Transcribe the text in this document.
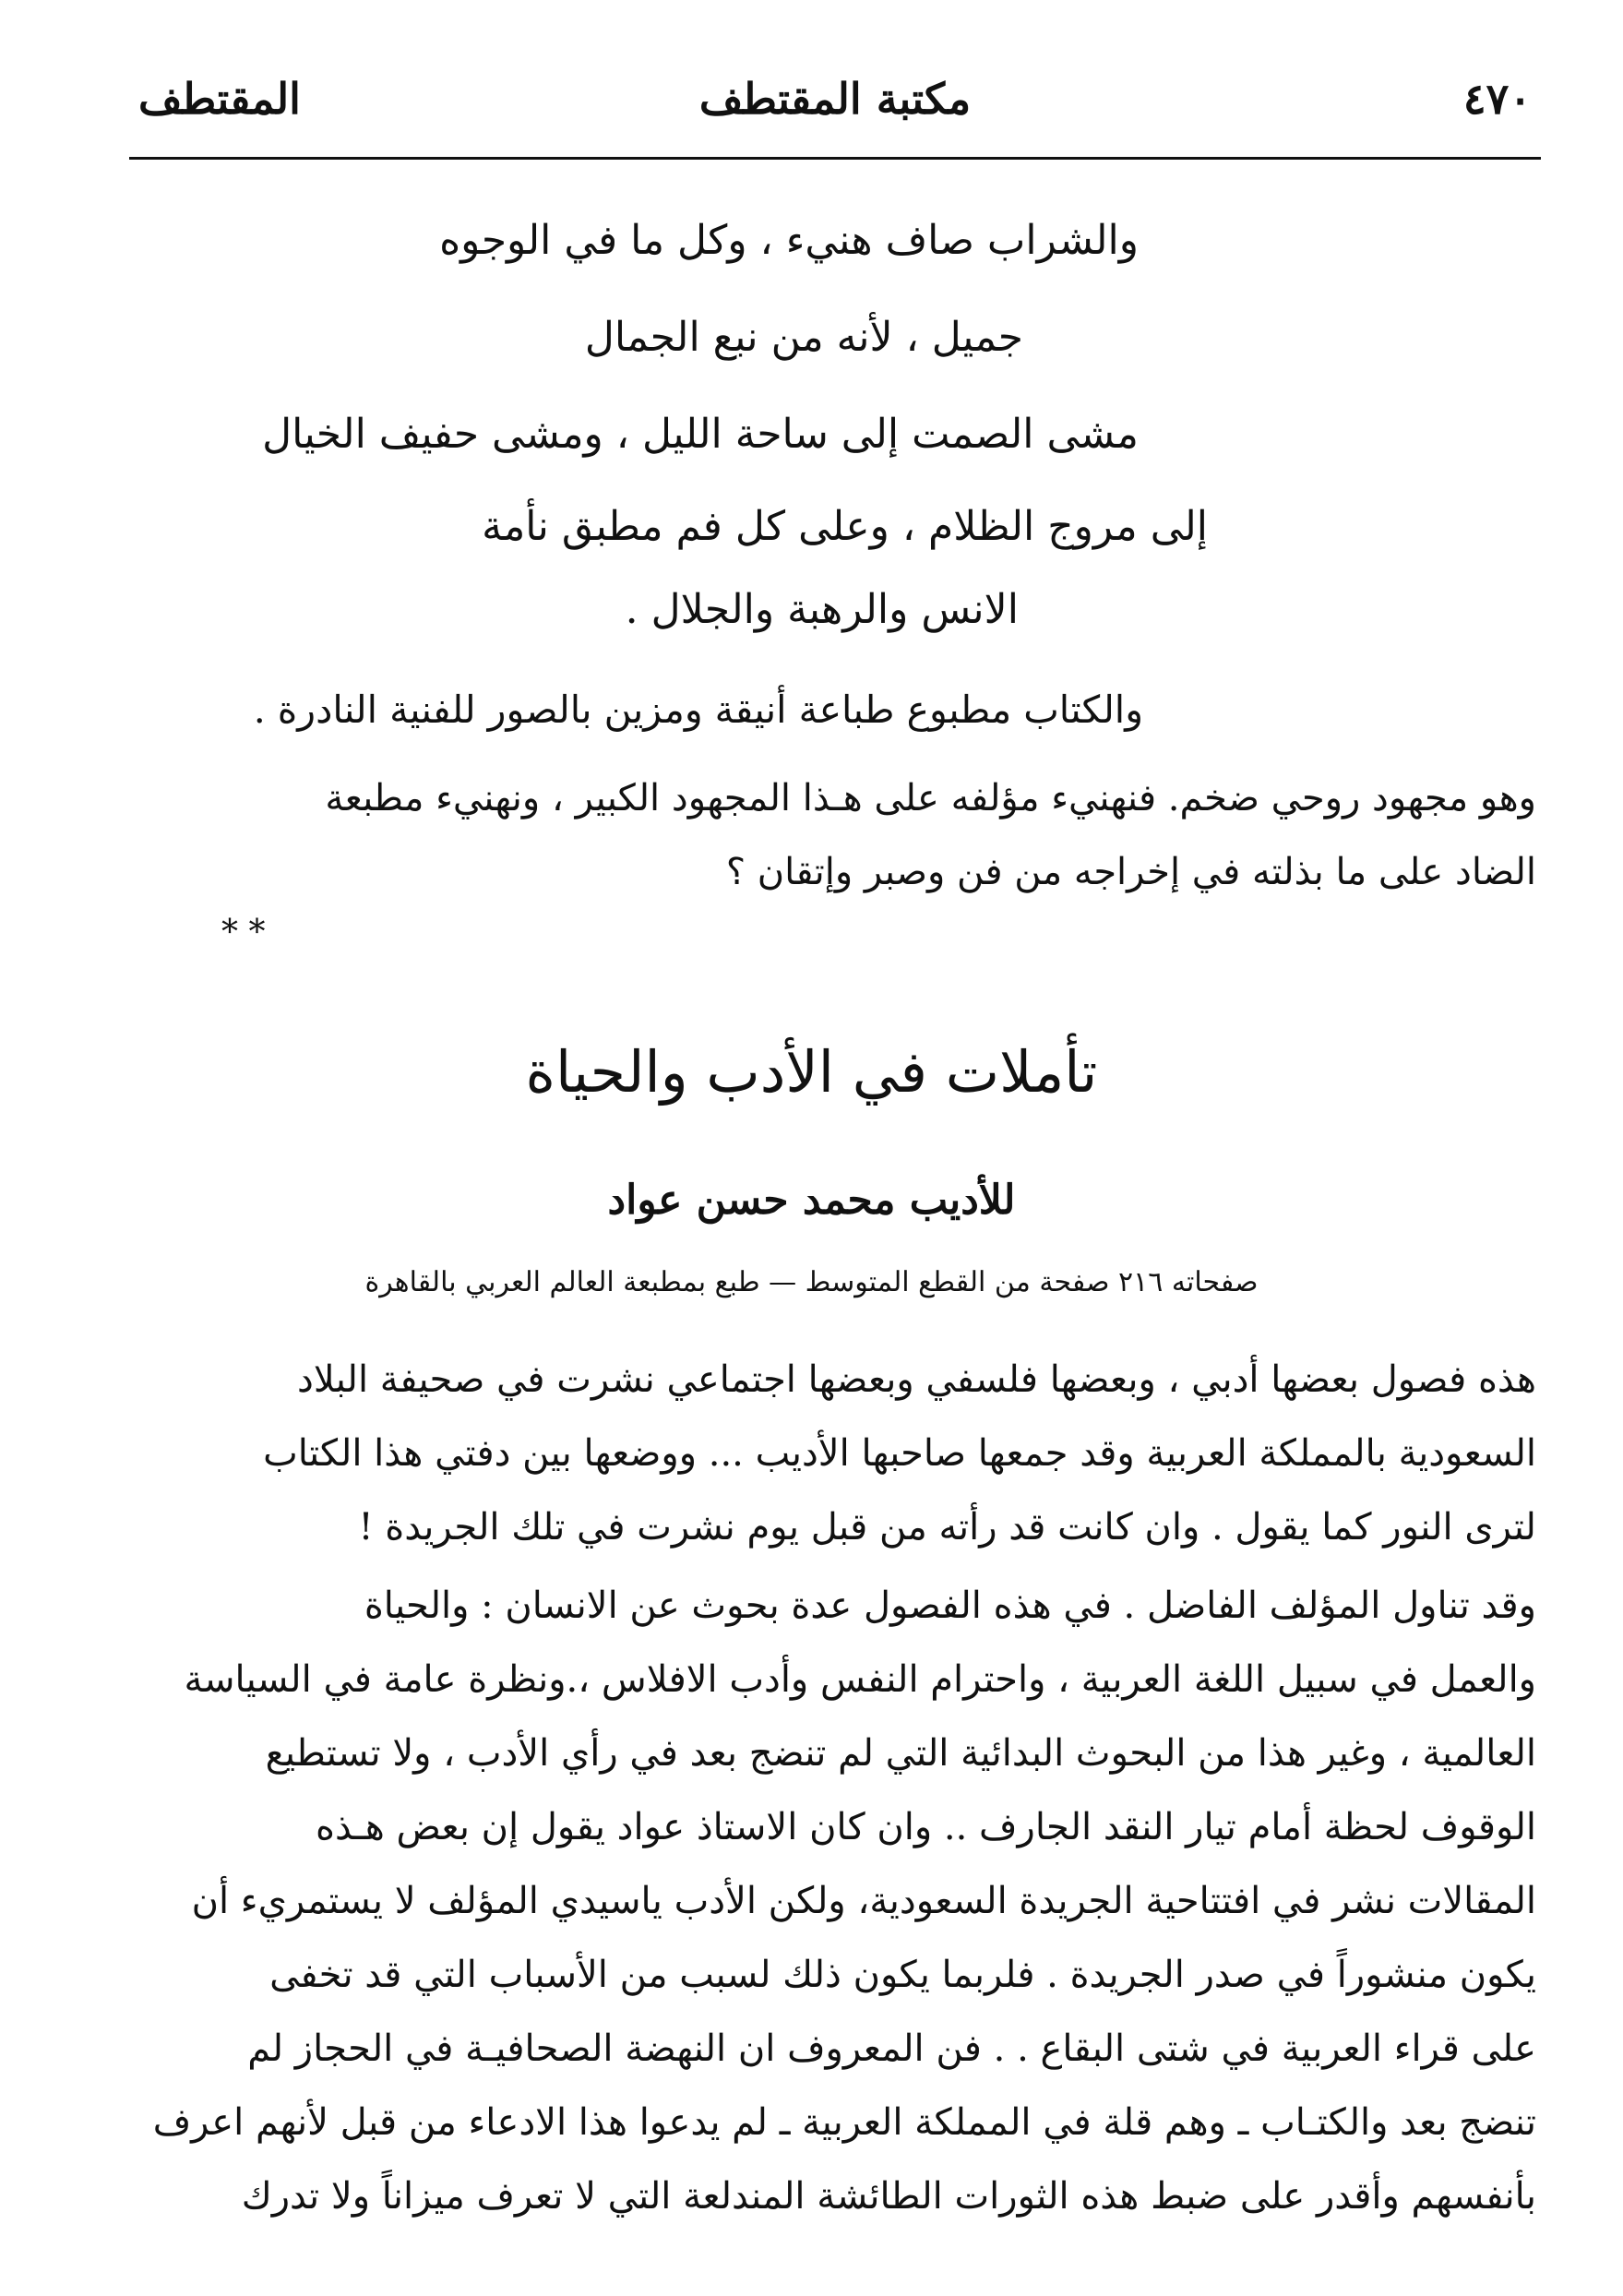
٤٧٠
مكتبة المقتطف
المقتطف
والشراب صاف هنيء ، وكل ما في الوجوه
جميل ، لأنه من نبع الجمال
مشى الصمت إلى ساحة الليل ، ومشى حفيف الخيال
إلى مروج الظلام ، وعلى كل فم مطبق نأمة
الانس والرهبة والجلال .
والكتاب مطبوع طباعة أنيقة ومزين بالصور للفنية النادرة .
وهو مجهود روحي ضخم. فنهنيء مؤلفه على هـذا المجهود الكبير ، ونهنيء مطبعة
الضاد على ما بذلته في إخراجه من فن وصبر وإتقان ؟
* *
تأملات في الأدب والحياة
للأديب محمد حسن عواد
صفحاته ٢١٦ صفحة من القطع المتوسط — طبع بمطبعة العالم العربي بالقاهرة
هذه فصول بعضها أدبي ، وبعضها فلسفي وبعضها اجتماعي نشرت في صحيفة البلاد
السعودية بالمملكة العربية وقد جمعها صاحبها الأديب ... ووضعها بين دفتي هذا الكتاب
لترى النور كما يقول . وان كانت قد رأته من قبل يوم نشرت في تلك الجريدة !
وقد تناول المؤلف الفاضل . في هذه الفصول عدة بحوث عن الانسان : والحياة
والعمل في سبيل اللغة العربية ، واحترام النفس وأدب الافلاس ،.ونظرة عامة في السياسة
العالمية ، وغير هذا من البحوث البدائية التي لم تنضج بعد في رأي الأدب ، ولا تستطيع
الوقوف لحظة أمام تيار النقد الجارف .. وان كان الاستاذ عواد يقول إن بعض هـذه
المقالات نشر في افتتاحية الجريدة السعودية، ولكن الأدب ياسيدي المؤلف لا يستمريء أن
يكون منشوراً في صدر الجريدة . فلربما يكون ذلك لسبب من الأسباب التي قد تخفى
على قراء العربية في شتى البقاع . . فن المعروف ان النهضة الصحافيـة في الحجاز لم
تنضج بعد والكتـاب ـ وهم قلة في المملكة العربية ـ لم يدعوا هذا الادعاء من قبل لأنهم اعرف
بأنفسهم وأقدر على ضبط هذه الثورات الطائشة المندلعة التي لا تعرف ميزاناً ولا تدرك
